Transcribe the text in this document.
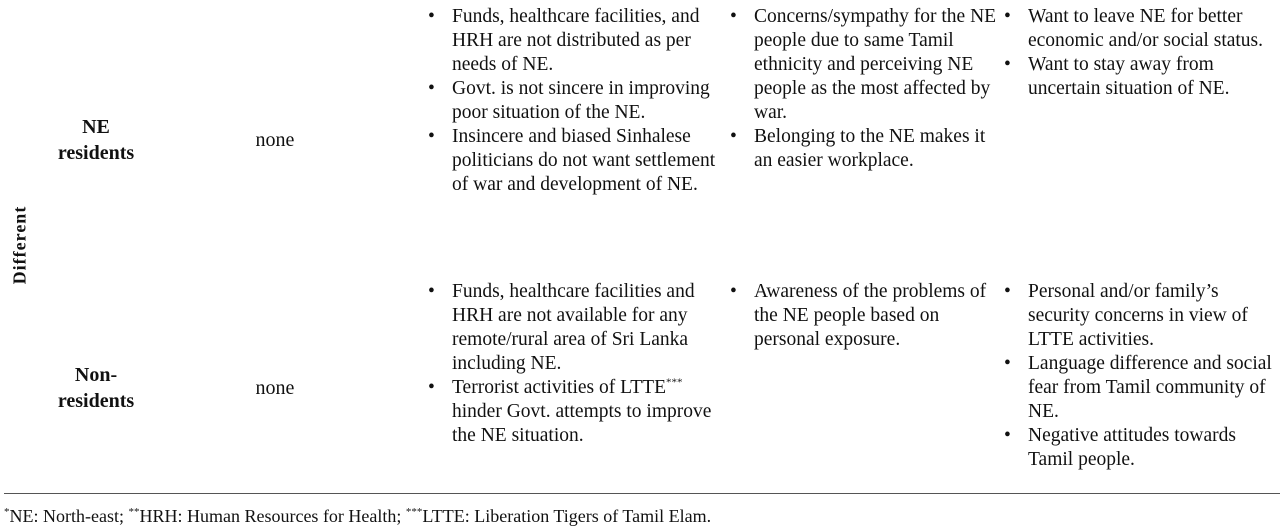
Different
NE
residents
none
• Funds, healthcare facilities, and HRH are not distributed as per needs of NE.
• Govt. is not sincere in improving poor situation of the NE.
• Insincere and biased Sinhalese politicians do not want settlement of war and development of NE.
• Concerns/sympathy for the NE people due to same Tamil ethnicity and perceiving NE people as the most affected by war.
• Belonging to the NE makes it an easier workplace.
• Want to leave NE for better economic and/or social status.
• Want to stay away from uncertain situation of NE.
Non-
residents
none
• Funds, healthcare facilities and HRH are not available for any remote/rural area of Sri Lanka including NE.
• Terrorist activities of LTTE*** hinder Govt. attempts to improve the NE situation.
• Awareness of the problems of the NE people based on personal exposure.
• Personal and/or family’s security concerns in view of LTTE activities.
• Language difference and social fear from Tamil community of NE.
• Negative attitudes towards Tamil people.
*NE: North-east; **HRH: Human Resources for Health; ***LTTE: Liberation Tigers of Tamil Elam.
